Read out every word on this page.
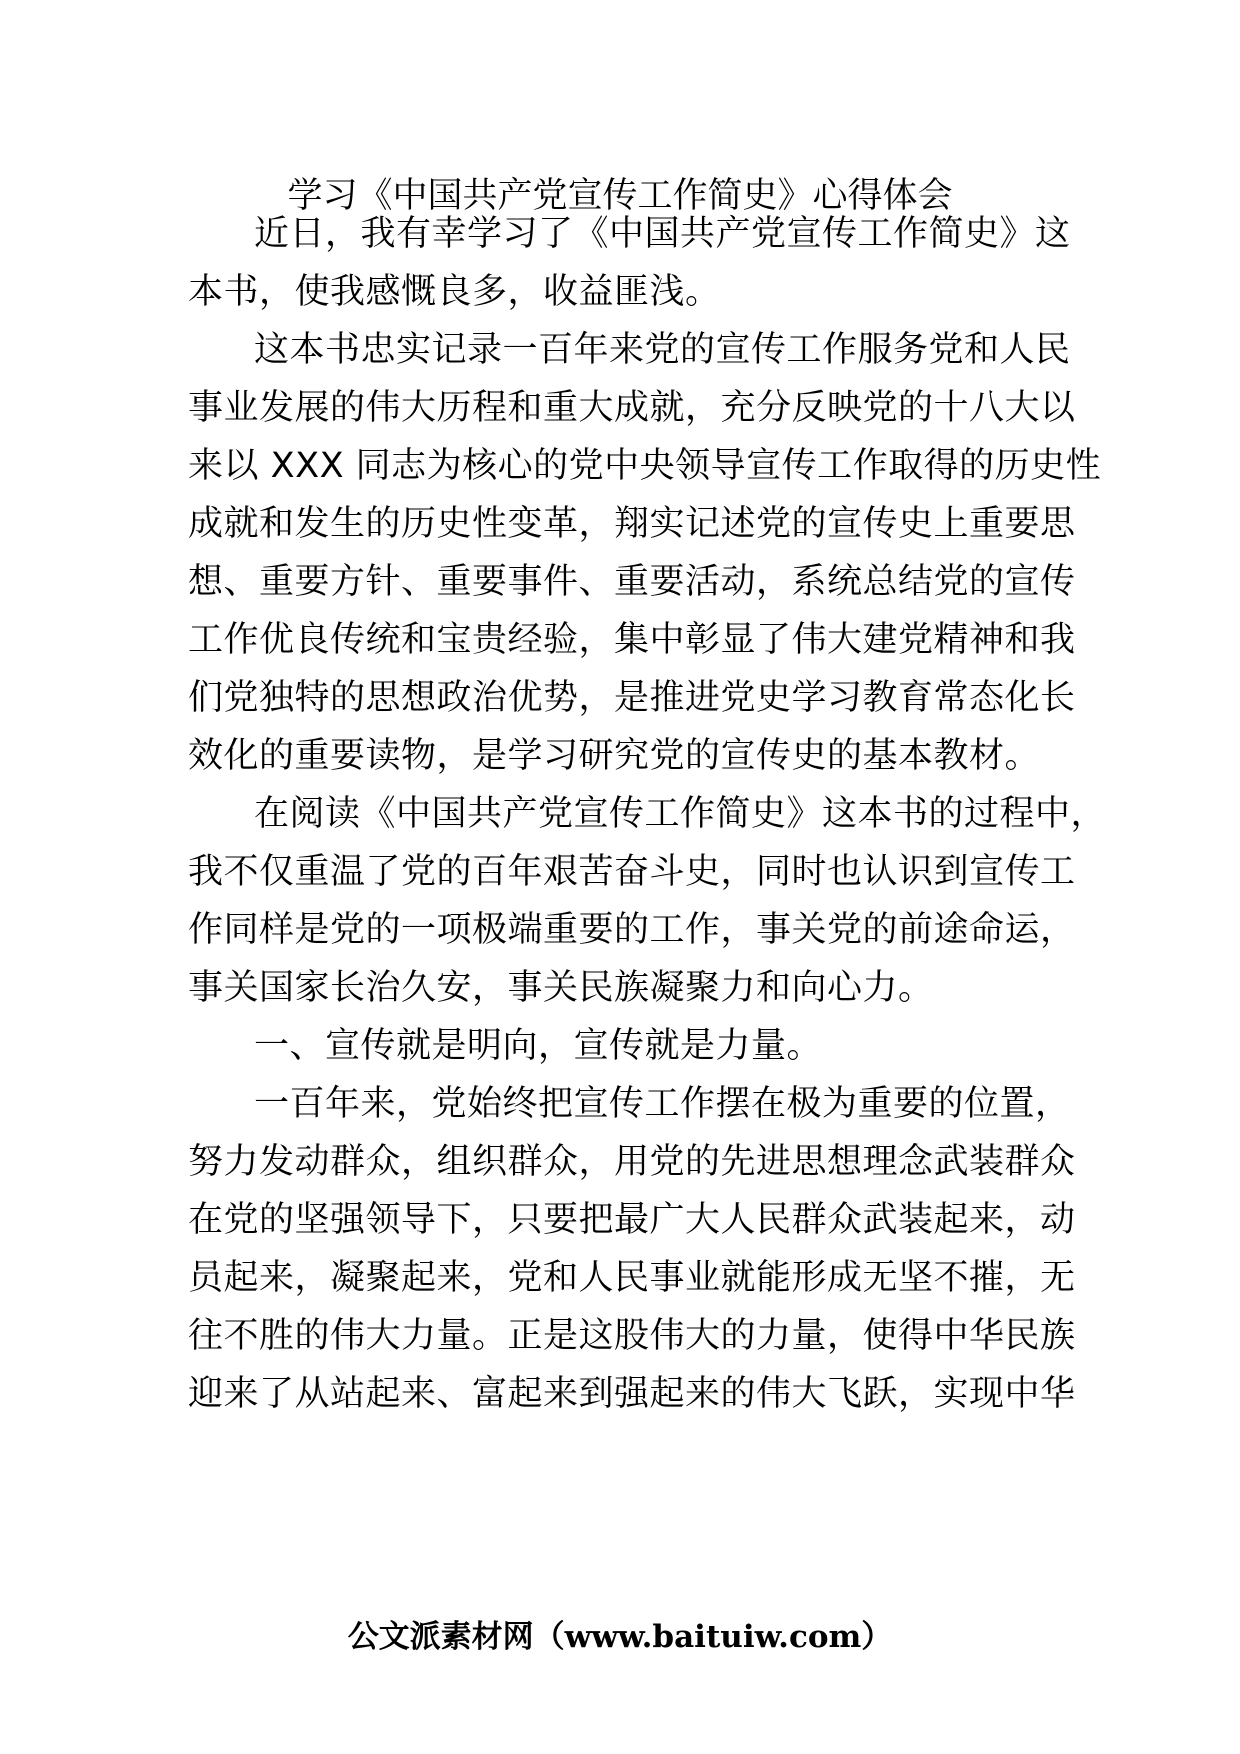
学习《中国共产党宣传工作简史》心得体会
近日，我有幸学习了《中国共产党宣传工作简史》这
本书，使我感慨良多，收益匪浅。
这本书忠实记录一百年来党的宣传工作服务党和人民
事业发展的伟大历程和重大成就，充分反映党的十八大以
来以 XXX 同志为核心的党中央领导宣传工作取得的历史性
成就和发生的历史性变革，翔实记述党的宣传史上重要思
想、重要方针、重要事件、重要活动，系统总结党的宣传
工作优良传统和宝贵经验，集中彰显了伟大建党精神和我
们党独特的思想政治优势，是推进党史学习教育常态化长
效化的重要读物，是学习研究党的宣传史的基本教材。
在阅读《中国共产党宣传工作简史》这本书的过程中，
我不仅重温了党的百年艰苦奋斗史，同时也认识到宣传工
作同样是党的一项极端重要的工作，事关党的前途命运，
事关国家长治久安，事关民族凝聚力和向心力。
一、宣传就是明向，宣传就是力量。
一百年来，党始终把宣传工作摆在极为重要的位置，
努力发动群众，组织群众，用党的先进思想理念武装群众
在党的坚强领导下，只要把最广大人民群众武装起来，动
员起来，凝聚起来，党和人民事业就能形成无坚不摧，无
往不胜的伟大力量。正是这股伟大的力量，使得中华民族
迎来了从站起来、富起来到强起来的伟大飞跃，实现中华
公文派素材网（www.baituiw.com）
